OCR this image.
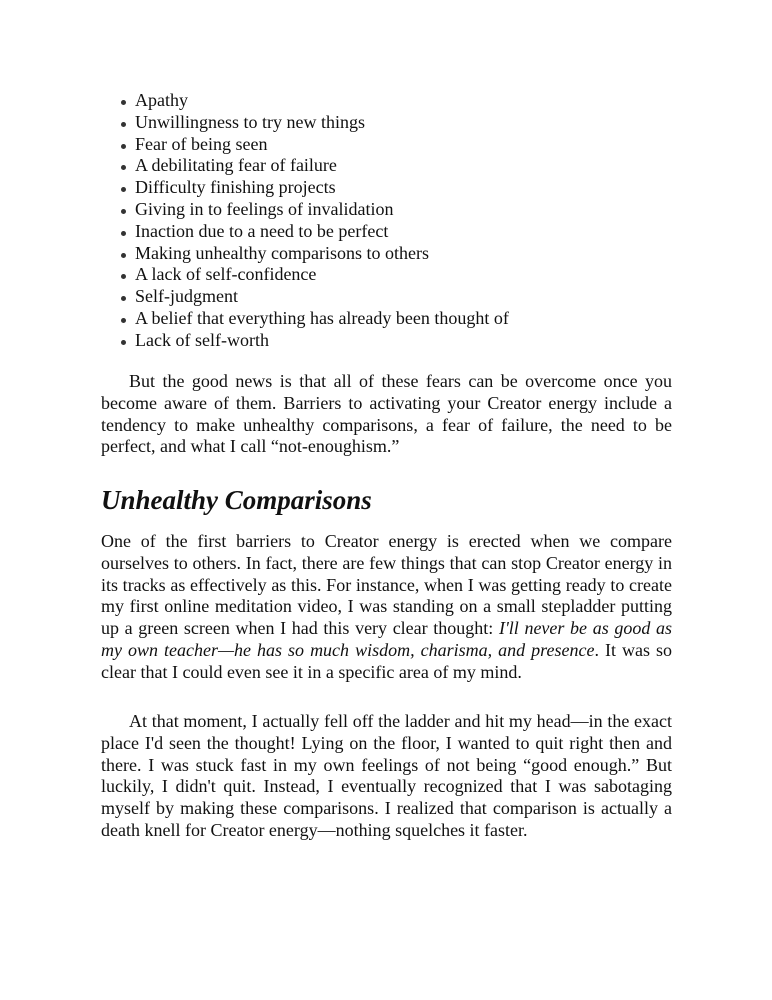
Apathy
Unwillingness to try new things
Fear of being seen
A debilitating fear of failure
Difficulty finishing projects
Giving in to feelings of invalidation
Inaction due to a need to be perfect
Making unhealthy comparisons to others
A lack of self-confidence
Self-judgment
A belief that everything has already been thought of
Lack of self-worth

But the good news is that all of these fears can be overcome once you become aware of them. Barriers to activating your Creator energy include a tendency to make unhealthy comparisons, a fear of failure, the need to be perfect, and what I call “not-enoughism.”

Unhealthy Comparisons

One of the first barriers to Creator energy is erected when we compare ourselves to others. In fact, there are few things that can stop Creator energy in its tracks as effectively as this. For instance, when I was getting ready to create my first online meditation video, I was standing on a small stepladder putting up a green screen when I had this very clear thought: I'll never be as good as my own teacher—he has so much wisdom, charisma, and presence. It was so clear that I could even see it in a specific area of my mind.

At that moment, I actually fell off the ladder and hit my head—in the exact place I'd seen the thought! Lying on the floor, I wanted to quit right then and there. I was stuck fast in my own feelings of not being “good enough.” But luckily, I didn't quit. Instead, I eventually recognized that I was sabotaging myself by making these comparisons. I realized that comparison is actually a death knell for Creator energy—nothing squelches it faster.
